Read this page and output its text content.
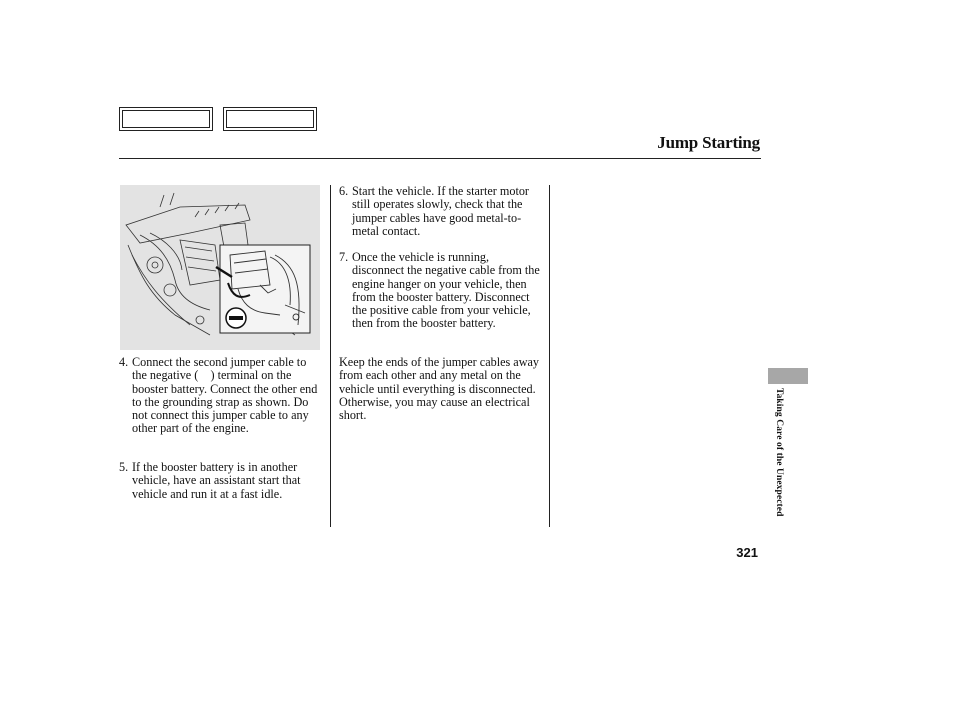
Jump Starting
4. Connect the second jumper cable to the negative ( ) terminal on the booster battery. Connect the other end to the grounding strap as shown. Do not connect this jumper cable to any other part of the engine.
5. If the booster battery is in another vehicle, have an assistant start that vehicle and run it at a fast idle.
6. Start the vehicle. If the starter motor still operates slowly, check that the jumper cables have good metal-to-metal contact.
7. Once the vehicle is running, disconnect the negative cable from the engine hanger on your vehicle, then from the booster battery. Disconnect the positive cable from your vehicle, then from the booster battery.
Keep the ends of the jumper cables away from each other and any metal on the vehicle until everything is disconnected. Otherwise, you may cause an electrical short.	Taking Care of the Unexpected
321
